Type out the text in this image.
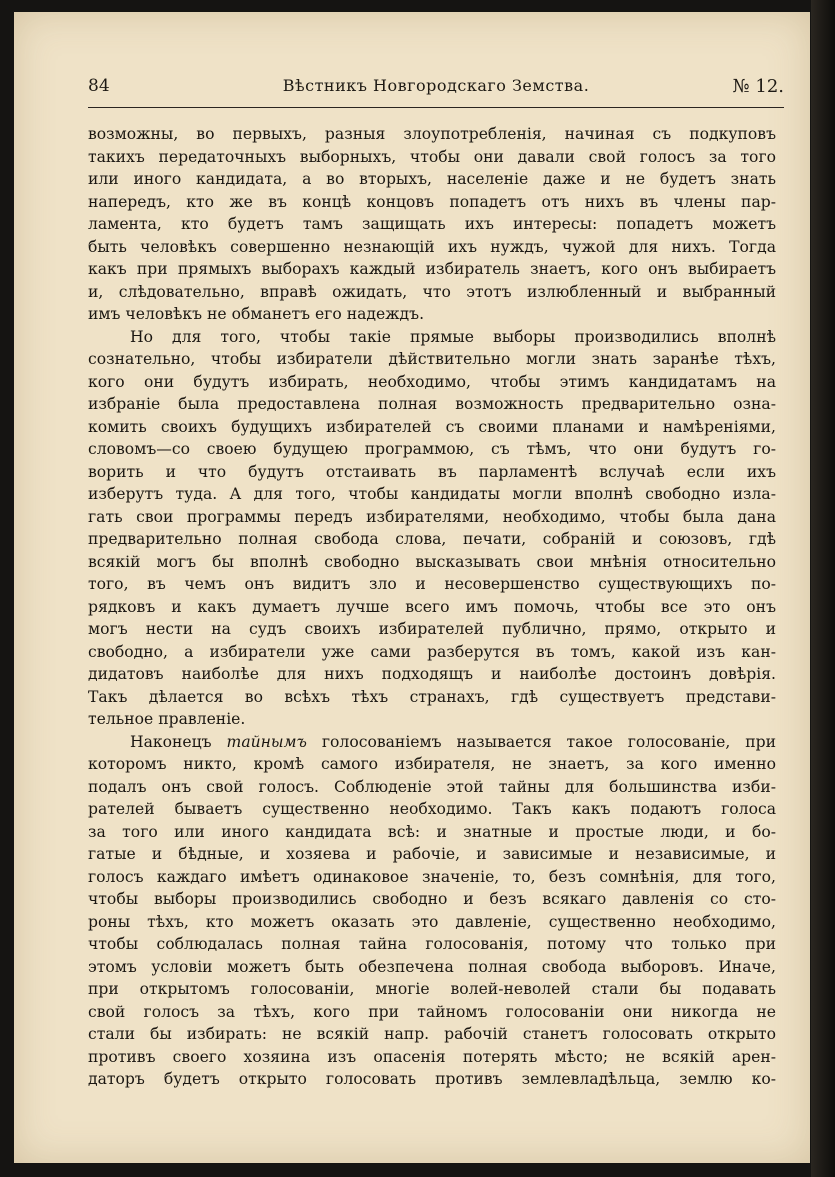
84	Вѣстникъ Новгородскаго Земства.	№ 12.
возможны, во первыхъ, разныя злоупотребленія, начиная съ подкуповъ
такихъ передаточныхъ выборныхъ, чтобы они давали свой голосъ за того
или иного кандидата, а во вторыхъ, населеніе даже и не будетъ знать
напередъ, кто же въ концѣ концовъ попадетъ отъ нихъ въ члены пар-
ламента, кто будетъ тамъ защищать ихъ интересы: попадетъ можетъ
быть человѣкъ совершенно незнающій ихъ нуждъ, чужой для нихъ. Тогда
какъ при прямыхъ выборахъ каждый избиратель знаетъ, кого онъ выбираетъ
и, слѣдовательно, вправѣ ожидать, что этотъ излюбленный и выбранный
имъ человѣкъ не обманетъ его надеждъ.
Но для того, чтобы такіе прямые выборы производились вполнѣ
сознательно, чтобы избиратели дѣйствительно могли знать заранѣе тѣхъ,
кого они будутъ избирать, необходимо, чтобы этимъ кандидатамъ на
избраніе была предоставлена полная возможность предварительно озна-
комить своихъ будущихъ избирателей съ своими планами и намѣреніями,
словомъ—со своею будущею программою, съ тѣмъ, что они будутъ го-
ворить и что будутъ отстаивать въ парламентѣ вслучаѣ если ихъ
изберутъ туда. А для того, чтобы кандидаты могли вполнѣ свободно изла-
гать свои программы передъ избирателями, необходимо, чтобы была дана
предварительно полная свобода слова, печати, собраній и союзовъ, гдѣ
всякій могъ бы вполнѣ свободно высказывать свои мнѣнія относительно
того, въ чемъ онъ видитъ зло и несовершенство существующихъ по-
рядковъ и какъ думаетъ лучше всего имъ помочь, чтобы все это онъ
могъ нести на судъ своихъ избирателей публично, прямо, открыто и
свободно, а избиратели уже сами разберутся въ томъ, какой изъ кан-
дидатовъ наиболѣе для нихъ подходящъ и наиболѣе достоинъ довѣрія.
Такъ дѣлается во всѣхъ тѣхъ странахъ, гдѣ существуетъ представи-
тельное правленіе.
Наконецъ тайнымъ голосованіемъ называется такое голосованіе, при
которомъ никто, кромѣ самого избирателя, не знаетъ, за кого именно
подалъ онъ свой голосъ. Соблюденіе этой тайны для большинства изби-
рателей бываетъ существенно необходимо. Такъ какъ подаютъ голоса
за того или иного кандидата всѣ: и знатные и простые люди, и бо-
гатые и бѣдные, и хозяева и рабочіе, и зависимые и независимые, и
голосъ каждаго имѣетъ одинаковое значеніе, то, безъ сомнѣнія, для того,
чтобы выборы производились свободно и безъ всякаго давленія со сто-
роны тѣхъ, кто можетъ оказать это давленіе, существенно необходимо,
чтобы соблюдалась полная тайна голосованія, потому что только при
этомъ условіи можетъ быть обезпечена полная свобода выборовъ. Иначе,
при открытомъ голосованіи, многіе волей-неволей стали бы подавать
свой голосъ за тѣхъ, кого при тайномъ голосованіи они никогда не
стали бы избирать: не всякій напр. рабочій станетъ голосовать открыто
противъ своего хозяина изъ опасенія потерять мѣсто; не всякій арен-
даторъ будетъ открыто голосовать противъ землевладѣльца, землю ко-
